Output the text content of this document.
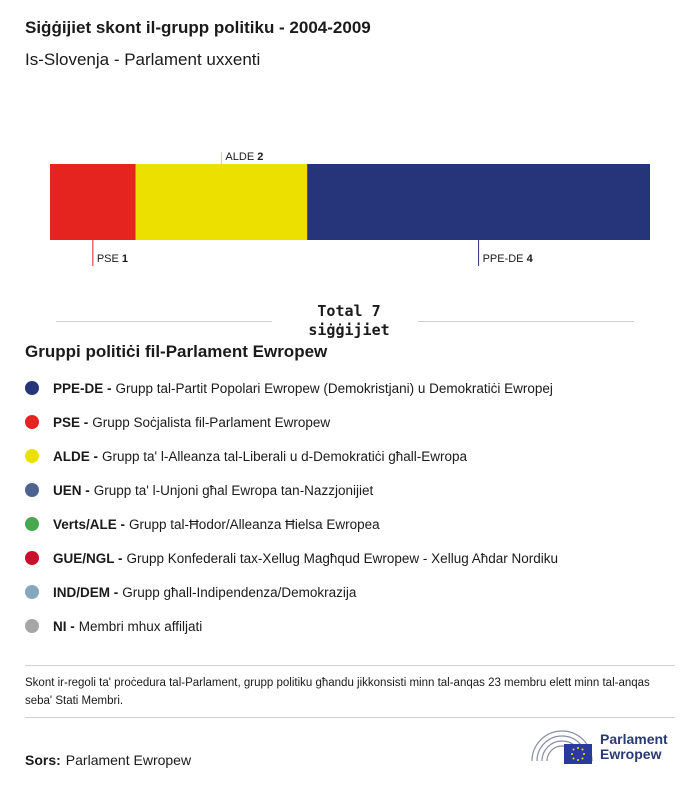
Siġġijiet skont il-grupp politiku - 2004-2009
Is-Slovenja - Parlament uxxenti
PSE 1
ALDE 2
PPE-DE 4
Total 7
siġġijiet
Gruppi politiċi fil-Parlament Ewropew
PPE-DE - Grupp tal-Partit Popolari Ewropew (Demokristjani) u Demokratiċi Ewropej
PSE - Grupp Soċjalista fil-Parlament Ewropew
ALDE - Grupp ta' l-Alleanza tal-Liberali u d-Demokratiċi għall-Ewropa
UEN - Grupp ta' l-Unjoni għal Ewropa tan-Nazzjonijiet
Verts/ALE - Grupp tal-Ħodor/Alleanza Ħielsa Ewropea
GUE/NGL - Grupp Konfederali tax-Xellug Magħqud Ewropew - Xellug Aħdar Nordiku
IND/DEM - Grupp għall-Indipendenza/Demokrazija
NI - Membri mhux affiljati
Skont ir-regoli ta' proċedura tal-Parlament, grupp politiku għandu jikkonsisti minn tal-anqas 23 membru elett minn tal-anqas seba' Stati Membri.
Sors: Parlament Ewropew
Parlament
Ewropew
